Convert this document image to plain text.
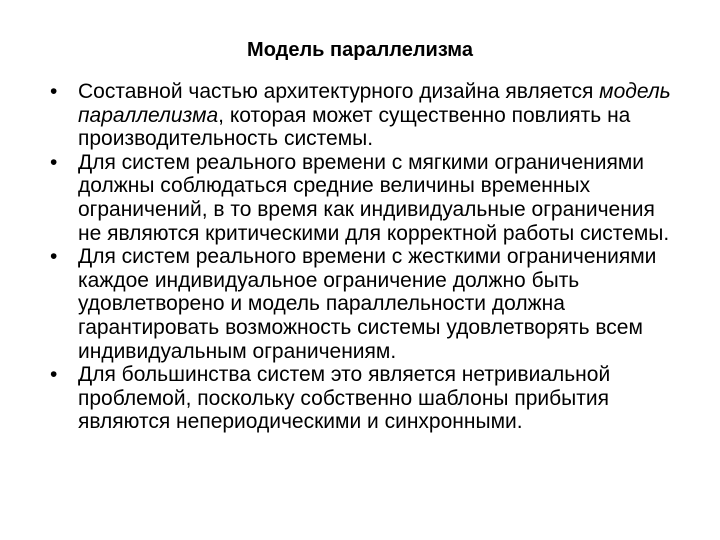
Модель параллелизма
• Составной частью архитектурного дизайна является модель параллелизма, которая может существенно повлиять на производительность системы.
• Для систем реального времени с мягкими ограничениями должны соблюдаться средние величины временных ограничений, в то время как индивидуальные ограничения не являются критическими для корректной работы системы.
• Для систем реального времени с жесткими ограничениями каждое индивидуальное ограничение должно быть удовлетворено и модель параллельности должна гарантировать возможность системы удовлетворять всем индивидуальным ограничениям.
• Для большинства систем это является нетривиальной проблемой, поскольку собственно шаблоны прибытия являются непериодическими и синхронными.
